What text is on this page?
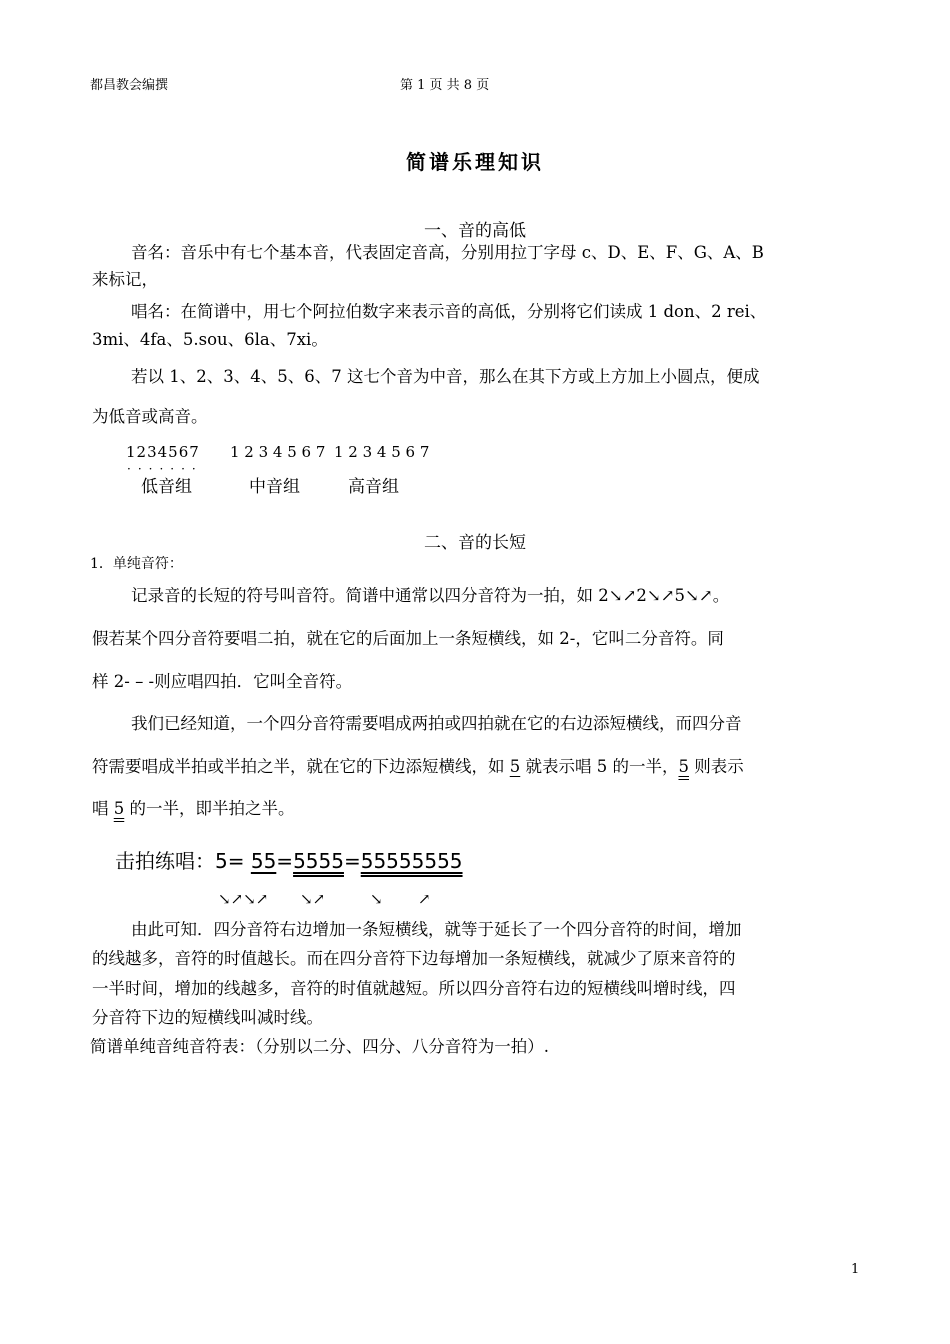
都昌教会编撰	第 1 页 共 8 页
简谱乐理知识
一、音的高低
音名：音乐中有七个基本音，代表固定音高，分别用拉丁字母 c、D、E、F、G、A、B
来标记，
唱名：在简谱中，用七个阿拉伯数字来表示音的高低，分别将它们读成 1 don、2 rei、
3mi、4fa、5.sou、6la、7xi。
若以 1、2、3、4、5、6、7 这七个音为中音，那么在其下方或上方加上小圆点，便成
为低音或高音。
1234567
·······
1 2 3 4 5 6 7 1 2 3 4 5 6 7
低音组	中音组	高音组
二、音的长短
1．单纯音符：
记录音的长短的符号叫音符。简谱中通常以四分音符为一拍，如 2↘↗2↘↗5↘↗。
假若某个四分音符要唱二拍，就在它的后面加上一条短横线，如 2-，它叫二分音符。同
样 2- – -则应唱四拍．它叫全音符。
我们已经知道，一个四分音符需要唱成两拍或四拍就在它的右边添短横线，而四分音
符需要唱成半拍或半拍之半，就在它的下边添短横线，如 5 就表示唱 5 的一半，5 则表示
唱 5 的一半，即半拍之半。
击拍练唱：5= 55=5555=55555555
↘↗↘↗ ↘↗	↘ ↗
由此可知．四分音符右边增加一条短横线，就等于延长了一个四分音符的时间，增加
的线越多，音符的时值越长。而在四分音符下边每增加一条短横线，就减少了原来音符的
一半时间，增加的线越多，音符的时值就越短。所以四分音符右边的短横线叫增时线，四
分音符下边的短横线叫减时线。
简谱单纯音纯音符表：（分别以二分、四分、八分音符为一拍）.
1
